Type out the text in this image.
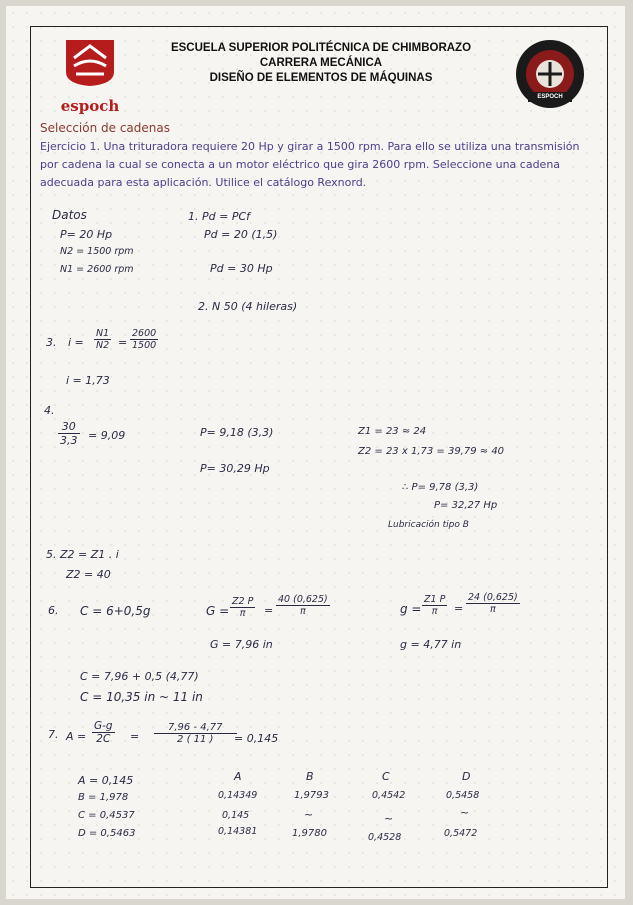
espoch
ESCUELA SUPERIOR POLITÉCNICA DE CHIMBORAZO
CARRERA MECÁNICA
DISEÑO DE ELEMENTOS DE MÁQUINAS
ESPOCH
Selección de cadenas
Ejercicio 1. Una trituradora requiere 20 Hp y girar a 1500 rpm. Para ello se utiliza una transmisión por cadena la cual se conecta a un motor eléctrico que gira 2600 rpm. Seleccione una cadena adecuada para esta aplicación. Utilice el catálogo Rexnord.
Datos
P= 20 Hp
N2 = 1500 rpm
N1 = 2600 rpm
1. Pd = PCf
Pd = 20 (1,5)
Pd = 30 Hp
2. N 50 (4 hileras)
3. $i = \frac{N1}{N2} = \frac{2600}{1500}$
i = 1,73
4.
$\frac{30}{3,3} = 9,09$	P= 9,18 (3,3)
P= 30,29 Hp
Z1 = 23 ≈ 24
Z2 = 23 x 1,73 = 39,79 ≈ 40
∴ P= 9,78 (3,3)
P= 32,27 Hp
Lubricación tipo B
5. Z2 = Z1 . i
Z2 = 40
6. C = 6+0,5g	$G = \frac{Z2 P}{\pi} = \frac{40 (0,625)}{\pi}$
G = 7,96 in
$g = \frac{Z1 P}{\pi} = \frac{24 (0,625)}{\pi}$
g = 4,77 in
C = 7,96 + 0,5 (4,77)
C = 10,35 in ~ 11 in
7. $A = \frac{G-g}{2C} = \frac{7,96 - 4,77}{2 ( 11 )}$
= 0,145
A = 0,145
B = 1,978
C = 0,4537
D = 0,5463
A	B	C	D
0,14349	1,9793	0,4542	0,5458
0,145	~	~	~
0,14381	1,9780	0,4528	0,5472
